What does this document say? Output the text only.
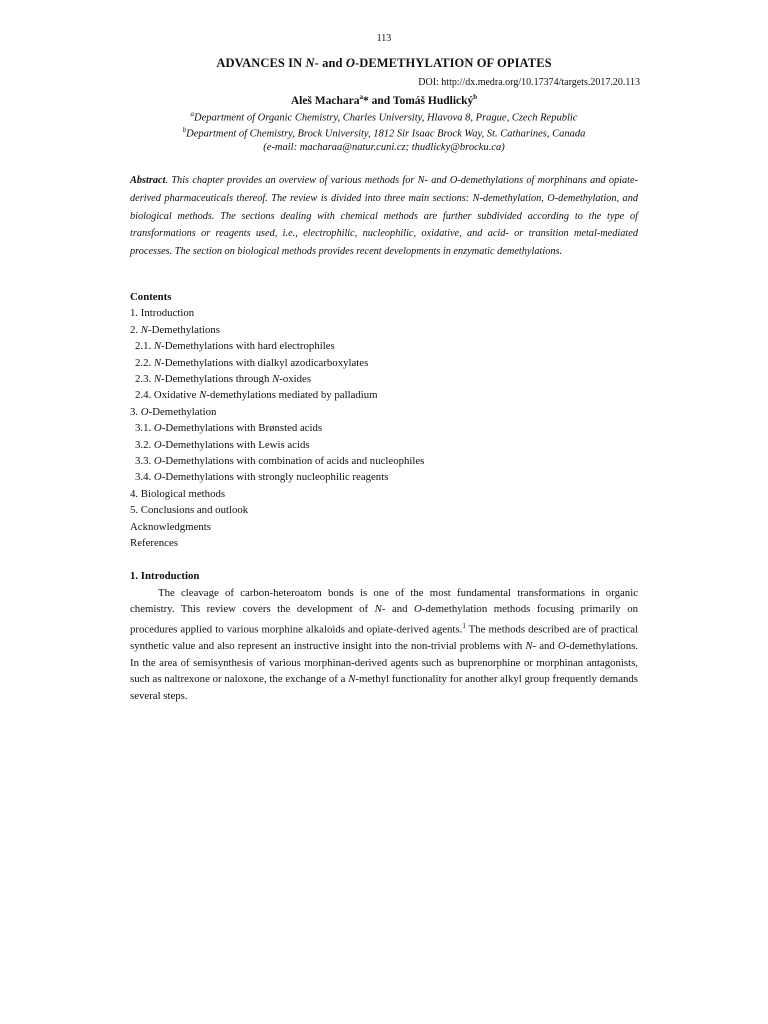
113
ADVANCES IN N- and O-DEMETHYLATION OF OPIATES
DOI: http://dx.medra.org/10.17374/targets.2017.20.113
Aleš Machara$^a$* and Tomáš Hudlický$^b$
$^a$Department of Organic Chemistry, Charles University, Hlavova 8, Prague, Czech Republic
$^b$Department of Chemistry, Brock University, 1812 Sir Isaac Brock Way, St. Catharines, Canada
(e-mail: macharaa@natur.cuni.cz; thudlicky@brocku.ca)
Abstract. This chapter provides an overview of various methods for N- and O-demethylations of morphinans and opiate-derived pharmaceuticals thereof. The review is divided into three main sections: N-demethylation, O-demethylation, and biological methods. The sections dealing with chemical methods are further subdivided according to the type of transformations or reagents used, i.e., electrophilic, nucleophilic, oxidative, and acid- or transition metal-mediated processes. The section on biological methods provides recent developments in enzymatic demethylations.
Contents
1. Introduction
2. N-Demethylations
2.1. N-Demethylations with hard electrophiles
2.2. N-Demethylations with dialkyl azodicarboxylates
2.3. N-Demethylations through N-oxides
2.4. Oxidative N-demethylations mediated by palladium
3. O-Demethylation
3.1. O-Demethylations with Brønsted acids
3.2. O-Demethylations with Lewis acids
3.3. O-Demethylations with combination of acids and nucleophiles
3.4. O-Demethylations with strongly nucleophilic reagents
4. Biological methods
5. Conclusions and outlook
Acknowledgments
References
1. Introduction

The cleavage of carbon-heteroatom bonds is one of the most fundamental transformations in organic chemistry. This review covers the development of N- and O-demethylation methods focusing primarily on procedures applied to various morphine alkaloids and opiate-derived agents.$^1$ The methods described are of practical synthetic value and also represent an instructive insight into the non-trivial problems with N- and O-demethylations. In the area of semisynthesis of various morphinan-derived agents such as buprenorphine or morphinan antagonists, such as naltrexone or naloxone, the exchange of a N-methyl functionality for another alkyl group frequently demands several steps.
